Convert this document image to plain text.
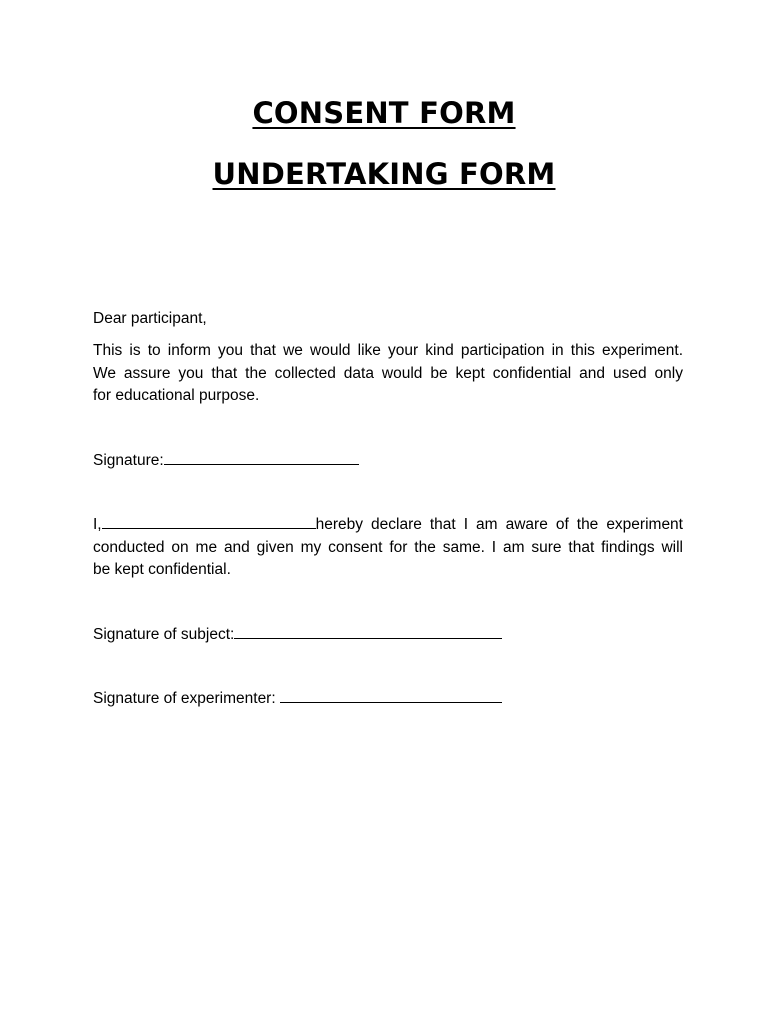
CONSENT FORM
UNDERTAKING FORM
Dear participant,
This is to inform you that we would like your kind participation in this experiment.
We assure you that the collected data would be kept confidential and used only
for educational purpose.
Signature:
I,	hereby declare that I am aware of the experiment
conducted on me and given my consent for the same. I am sure that findings will
be kept confidential.
Signature of subject:
Signature of experimenter:
